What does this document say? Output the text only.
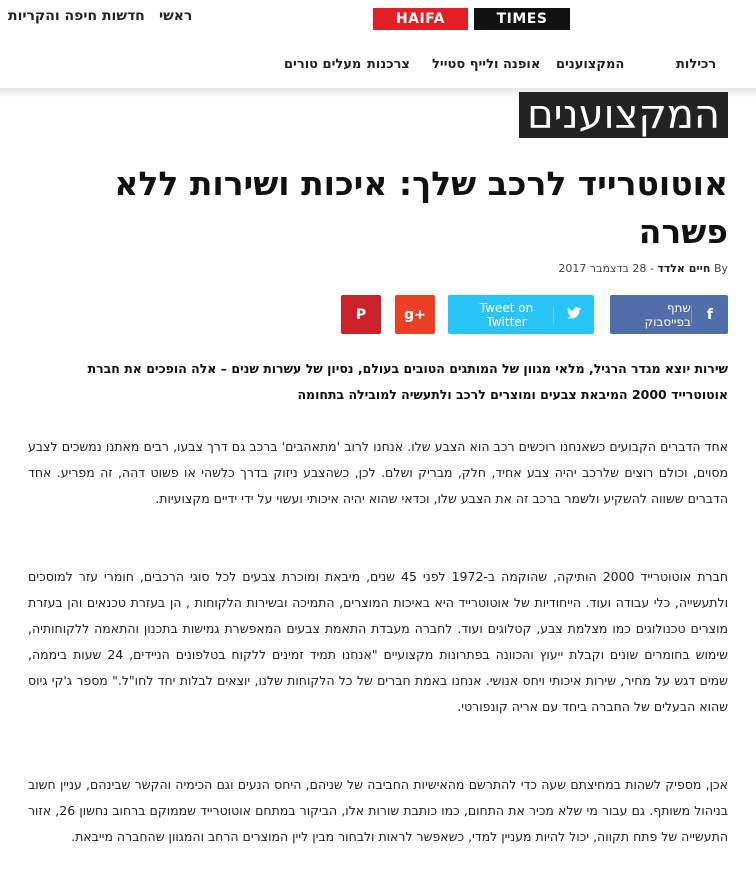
ראשי
חדשות חיפה והקריות	HAIFA	TIMES
רכילות
המקצוענים
אופנה ולייף סטייל
צרכנות
מעלים טורים
המקצוענים
אוטוטרייד לרכב שלך: איכות ושירות ללא פשרה
By חיים אלדד - 28 בדצמבר 2017
שתף בפייסבוק	f
Tweet on Twitter
g+
P

שירות יוצא מגדר הרגיל, מלאי מגוון של המותגים הטובים בעולם, נסיון של עשרות שנים – אלה הופכים את חברת אוטוטרייד 2000 המיבאת צבעים ומוצרים לרכב ולתעשיה למובילה בתחומה

אחד הדברים הקבועים כשאנחנו רוכשים רכב הוא הצבע שלו. אנחנו לרוב 'מתאהבים' ברכב גם דרך צבעו, רבים מאתנו נמשכים לצבע מסוים, וכולם רוצים שלרכב יהיה צבע אחיד, חלק, מבריק ושלם. לכן, כשהצבע ניזוק בדרך כלשהי או פשוט דהה, זה מפריע. אחד הדברים ששווה להשקיע ולשמר ברכב זה את הצבע שלו, וכדאי שהוא יהיה איכותי ועשוי על ידי ידיים מקצועיות.

חברת אוטוטרייד 2000 הותיקה, שהוקמה ב-1972 לפני 45 שנים, מיבאת ומוכרת צבעים לכל סוגי הרכבים, חומרי עזר למוסכים ולתעשייה, כלי עבודה ועוד. הייחודיות של אוטוטרייד היא באיכות המוצרים, התמיכה ובשירות הלקוחות , הן בעזרת טכנאים והן בעזרת מוצרים טכנולוגים כמו מצלמת צבע, קטלוגים ועוד. לחברה מעבדת התאמת צבעים המאפשרת גמישות בתכנון והתאמה ללקוחותיה, שימוש בחומרים שונים וקבלת ייעוץ והכוונה בפתרונות מקצועיים "אנחנו תמיד זמינים ללקוח בטלפונים הניידים, 24 שעות ביממה, שמים דגש על מחיר, שירות איכותי ויחס אנושי. אנחנו באמת חברים של כל הלקוחות שלנו, יוצאים לבלות יחד לחו"ל." מספר ג'קי גיוס שהוא הבעלים של החברה ביחד עם אריה קונפורטי.

אכן, מספיק לשהות במחיצתם שעה כדי להתרשם מהאישיות החביבה של שניהם, היחס הנעים וגם הכימיה והקשר שבינהם, עניין חשוב בניהול משותף. גם עבור מי שלא מכיר את התחום, כמו כותבת שורות אלו, הביקור במתחם אוטוטרייד שממוקם ברחוב נחשון 26, אזור התעשייה של פתח תקווה, יכול להיות מעניין למדי, כשאפשר לראות ולבחור מבין ליין המוצרים הרחב והמגוון שהחברה מייבאת.
